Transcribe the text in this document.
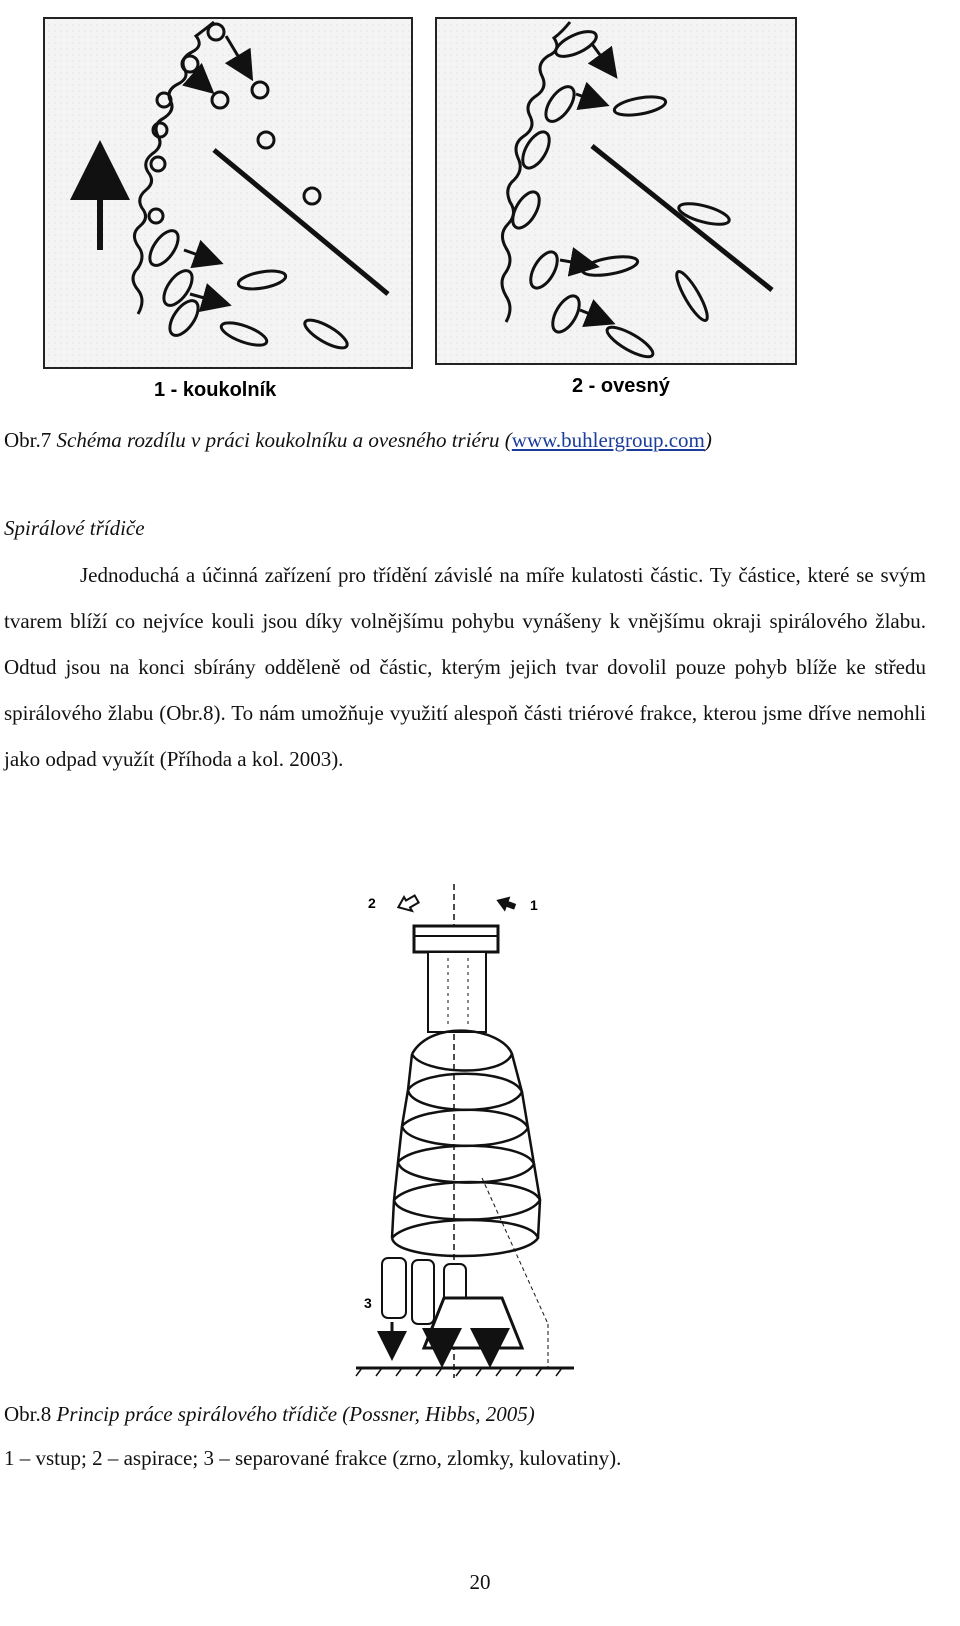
1 - koukolník	2 - ovesný
Obr.7 Schéma rozdílu v práci koukolníku a ovesného triéru (www.buhlergroup.com)
Spirálové třídiče
Jednoduchá a účinná zařízení pro třídění závislé na míře kulatosti částic. Ty částice, které se svým tvarem blíží co nejvíce kouli jsou díky volnějšímu pohybu vynášeny k vnějšímu okraji spirálového žlabu. Odtud jsou na konci sbírány odděleně od částic, kterým jejich tvar dovolil pouze pohyb blíže ke středu spirálového žlabu (Obr.8). To nám umožňuje využití alespoň části triérové frakce, kterou jsme dříve nemohli jako odpad využít (Příhoda a kol. 2003).
2	1
3
Obr.8 Princip práce spirálového třídiče (Possner, Hibbs, 2005)
1 – vstup; 2 – aspirace; 3 – separované frakce (zrno, zlomky, kulovatiny).
20
